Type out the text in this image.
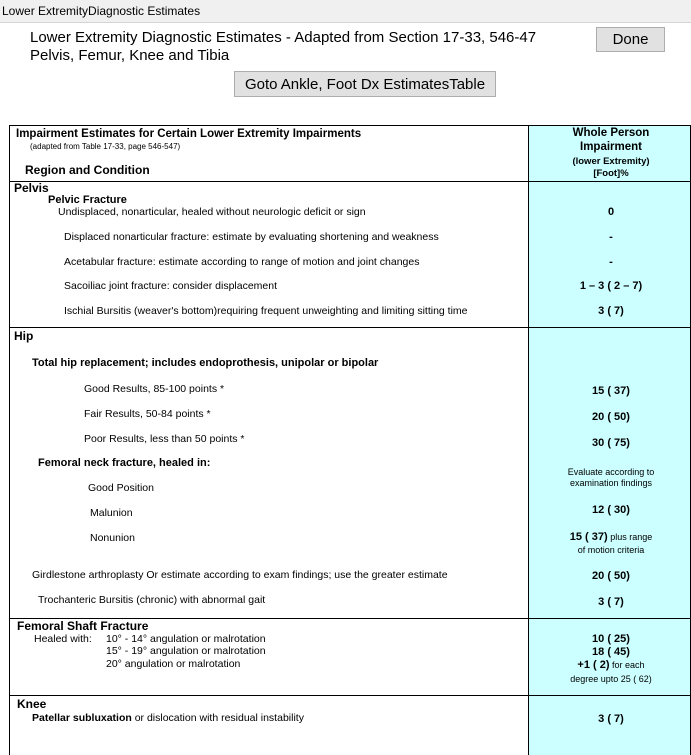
Lower ExtremityDiagnostic Estimates
Lower Extremity Diagnostic Estimates - Adapted from Section 17-33, 546-47
Pelvis, Femur, Knee and Tibia
Done
Goto Ankle, Foot Dx EstimatesTable
Impairment Estimates for Certain Lower Extremity Impairments
(adapted from Table 17-33, page 546-547)
Region and Condition
Whole Person
Impairment
(lower Extremity)
[Foot]%
Pelvis
Pelvic Fracture
Undisplaced, nonarticular, healed without neurologic deficit or sign
Displaced nonarticular fracture: estimate by evaluating shortening and weakness
Acetabular fracture: estimate according to range of motion and joint changes
Sacoiliac joint fracture: consider displacement
Ischial Bursitis (weaver's bottom)requiring frequent unweighting and limiting sitting time
0
-
-
1 – 3 ( 2 – 7)
3 ( 7)
Hip
Total hip replacement; includes endoprothesis, unipolar or bipolar
Good Results, 85-100 points *
Fair Results, 50-84 points *
Poor Results, less than 50 points *
Femoral neck fracture, healed in:
Good Position
Malunion
Nonunion
Girdlestone arthroplasty Or estimate according to exam findings; use the greater estimate
Trochanteric Bursitis (chronic) with abnormal gait
15 ( 37)
20 ( 50)
30 ( 75)
Evaluate according to
examination findings
12 ( 30)
15 ( 37) plus range
of motion criteria
20 ( 50)
3 ( 7)
Femoral Shaft Fracture
Healed with: 10° - 14° angulation or malrotation
15° - 19° angulation or malrotation
20° angulation or malrotation
10 ( 25)
18 ( 45)
+1 ( 2) for each
degree upto 25 ( 62)
Knee
Patellar subluxation or dislocation with residual instability	3 ( 7)
